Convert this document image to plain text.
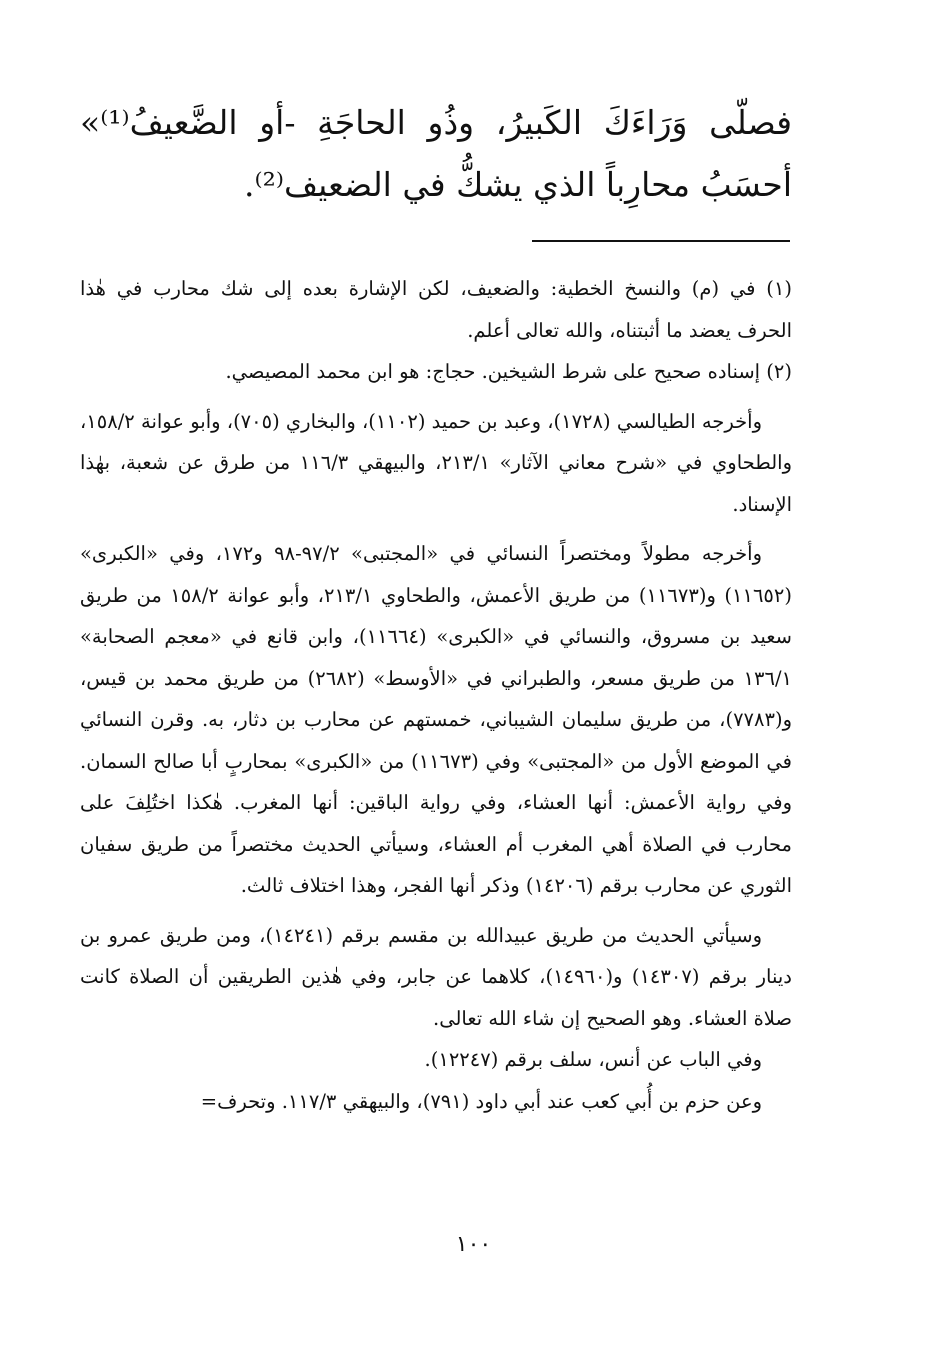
فصلّى وَرَاءَكَ الكَبيرُ، وذُو الحاجَةِ -أو الضَّعيفُ⁽¹⁾» أحسَبُ محارِباً الذي يشكُّ في الضعيف⁽²⁾.

(١) في (م) والنسخ الخطية: والضعيف، لكن الإشارة بعده إلى شك محارب في هٰذا الحرف يعضد ما أثبتناه، والله تعالى أعلم.

(٢) إسناده صحيح على شرط الشيخين. حجاج: هو ابن محمد المصيصي.

وأخرجه الطيالسي (١٧٢٨)، وعبد بن حميد (١١٠٢)، والبخاري (٧٠٥)، وأبو عوانة ١٥٨/٢، والطحاوي في «شرح معاني الآثار» ٢١٣/١، والبيهقي ١١٦/٣ من طرق عن شعبة، بهٰذا الإسناد.

وأخرجه مطولاً ومختصراً النسائي في «المجتبى» ٩٧/٢-٩٨ و١٧٢، وفي «الكبرى» (١١٦٥٢) و(١١٦٧٣) من طريق الأعمش، والطحاوي ٢١٣/١، وأبو عوانة ١٥٨/٢ من طريق سعيد بن مسروق، والنسائي في «الكبرى» (١١٦٦٤)، وابن قانع في «معجم الصحابة» ١٣٦/١ من طريق مسعر، والطبراني في «الأوسط» (٢٦٨٢) من طريق محمد بن قيس، و(٧٧٨٣)، من طريق سليمان الشيباني، خمستهم عن محارب بن دثار، به. وقرن النسائي في الموضع الأول من «المجتبى» وفي (١١٦٧٣) من «الكبرى» بمحاربٍ أبا صالح السمان. وفي رواية الأعمش: أنها العشاء، وفي رواية الباقين: أنها المغرب. هٰكذا اختُلِفَ على محارب في الصلاة أهي المغرب أم العشاء، وسيأتي الحديث مختصراً من طريق سفيان الثوري عن محارب برقم (١٤٢٠٦) وذكر أنها الفجر، وهذا اختلاف ثالث.

وسيأتي الحديث من طريق عبيدالله بن مقسم برقم (١٤٢٤١)، ومن طريق عمرو بن دينار برقم (١٤٣٠٧) و(١٤٩٦٠)، كلاهما عن جابر، وفي هٰذين الطريقين أن الصلاة كانت صلاة العشاء. وهو الصحيح إن شاء الله تعالى.

وفي الباب عن أنس، سلف برقم (١٢٢٤٧).

وعن حزم بن أُبي كعب عند أبي داود (٧٩١)، والبيهقي ١١٧/٣. وتحرف=

١٠٠
